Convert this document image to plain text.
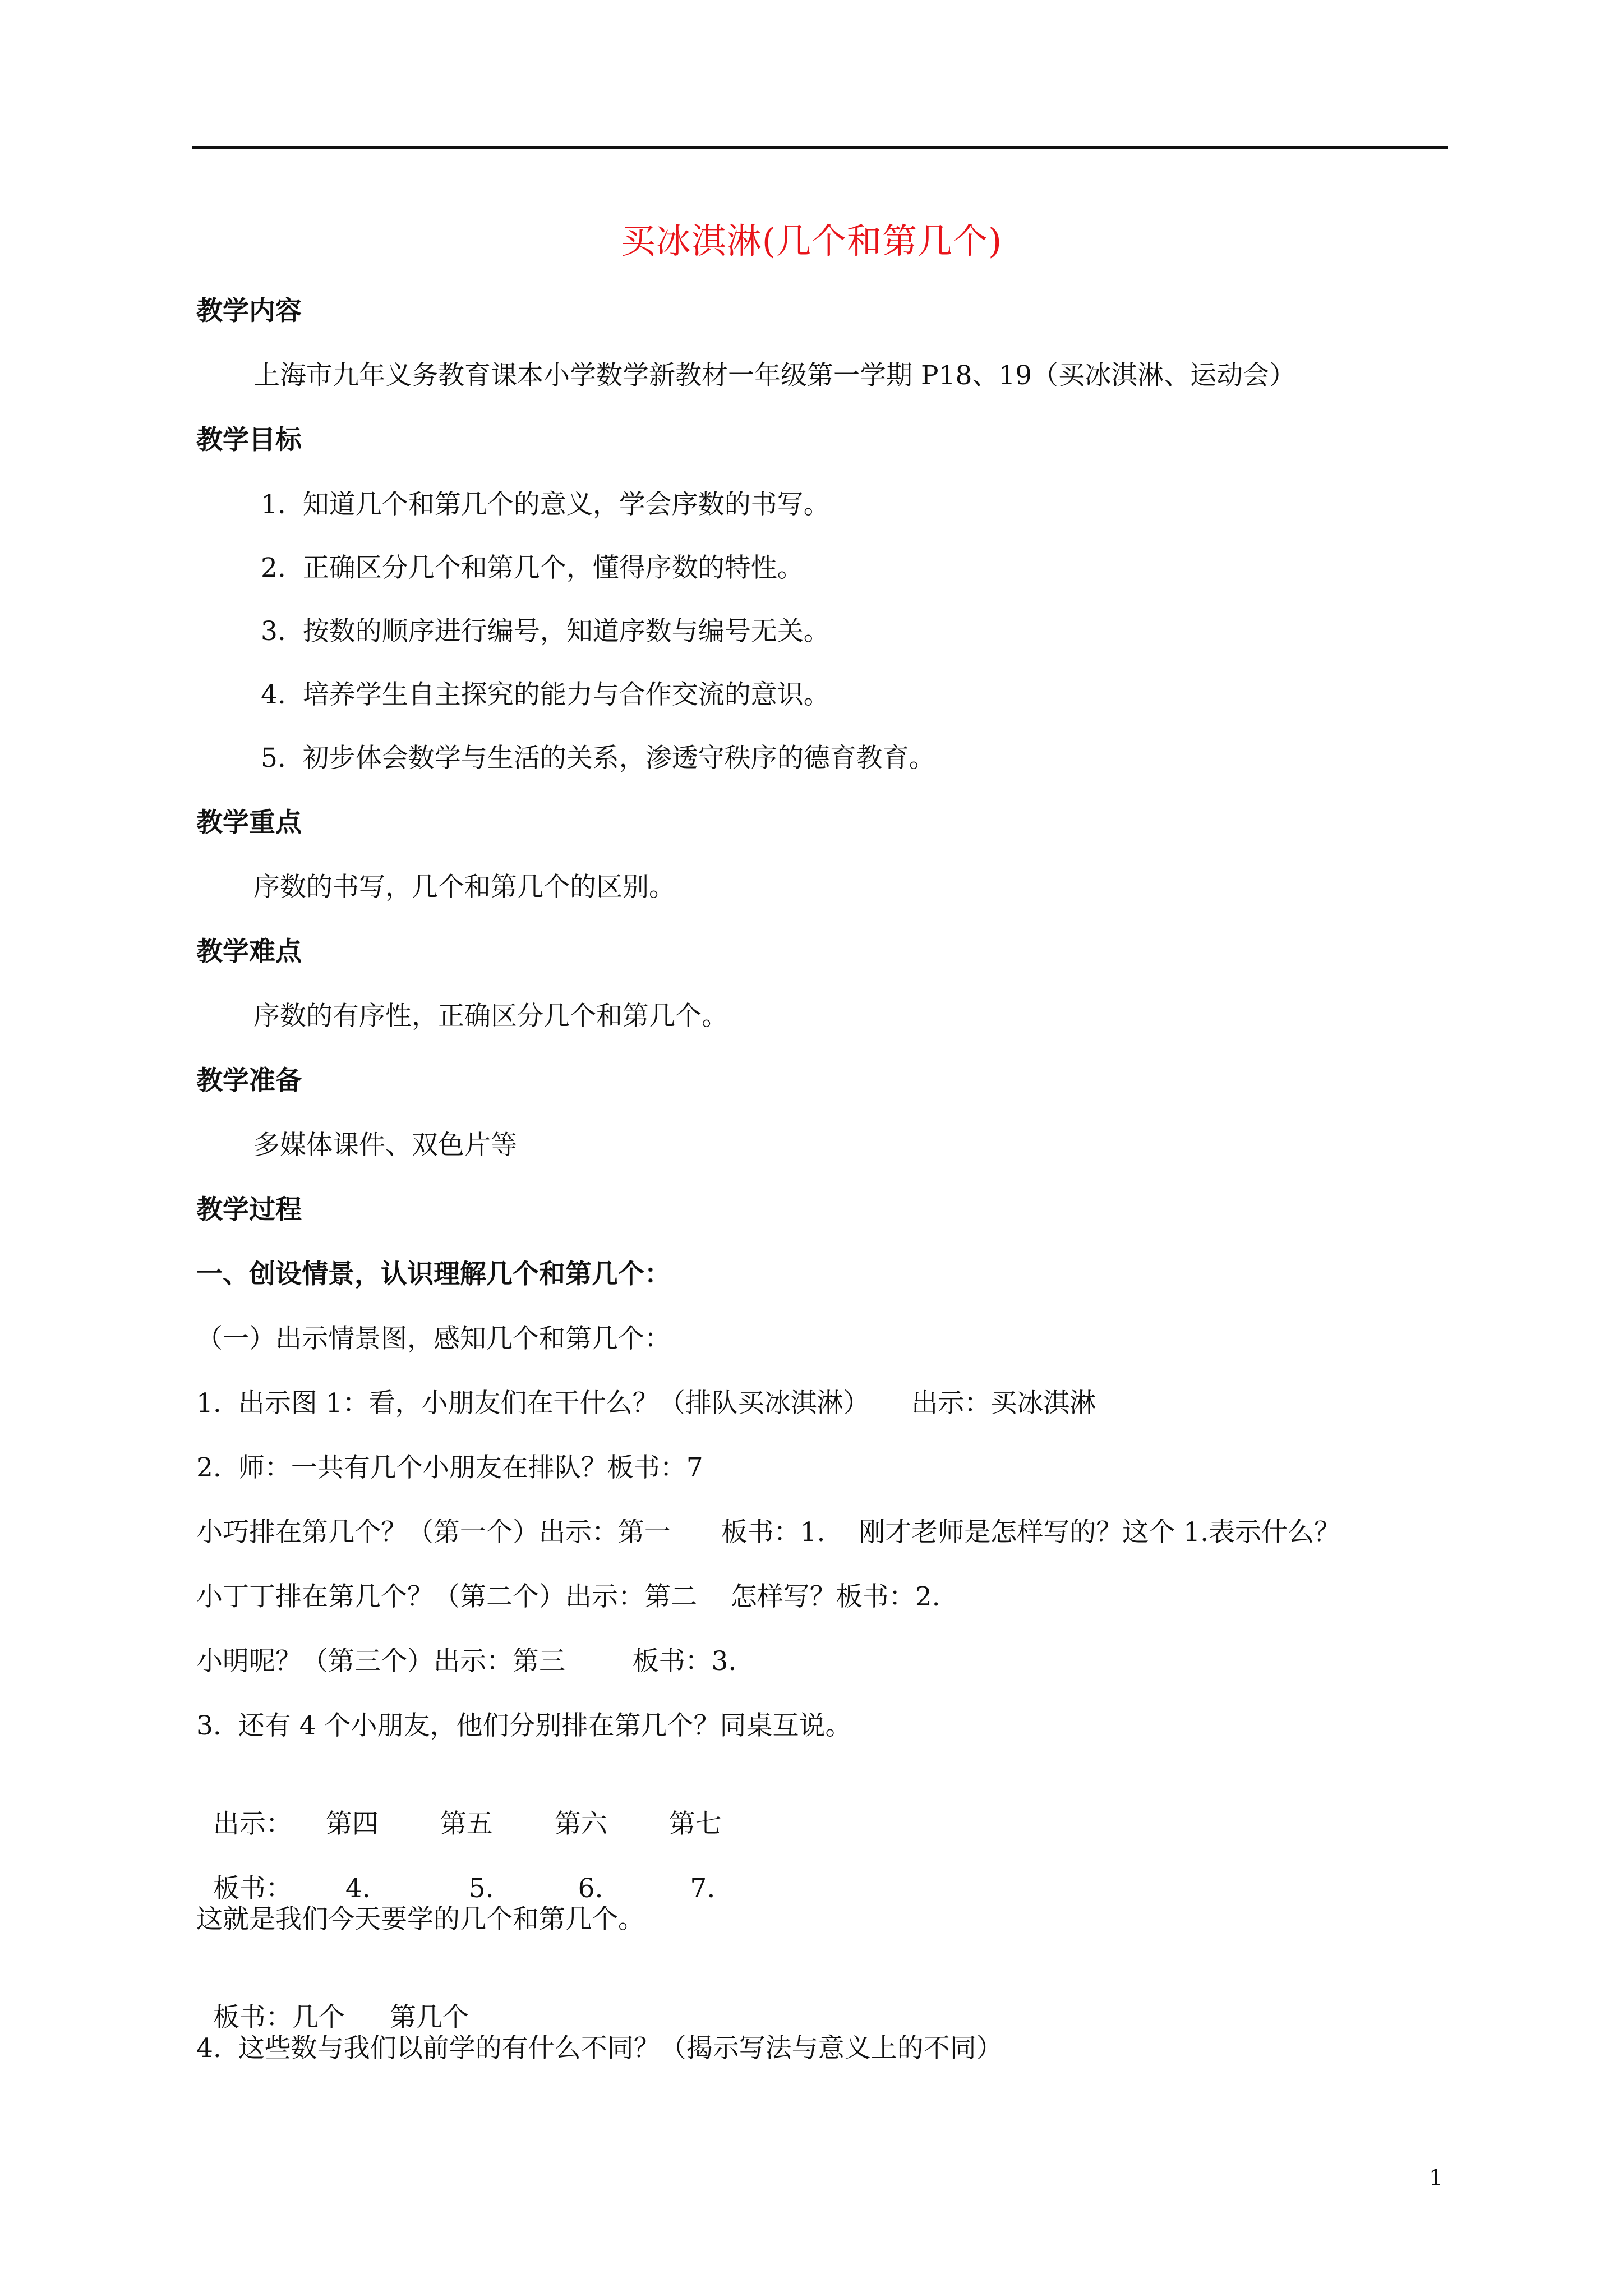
买冰淇淋(几个和第几个)
教学内容
上海市九年义务教育课本小学数学新教材一年级第一学期 P18、19（买冰淇淋、运动会）
教学目标
1.  知道几个和第几个的意义，学会序数的书写。
2.  正确区分几个和第几个，懂得序数的特性。
3.  按数的顺序进行编号，知道序数与编号无关。
4.  培养学生自主探究的能力与合作交流的意识。
5.  初步体会数学与生活的关系，渗透守秩序的德育教育。
教学重点
序数的书写，几个和第几个的区别。
教学难点
序数的有序性，正确区分几个和第几个。
教学准备
多媒体课件、双色片等
教学过程
一、创设情景，认识理解几个和第几个：
（一）出示情景图，感知几个和第几个：
1.  出示图 1：看，小朋友们在干什么？（排队买冰淇淋）     出示：买冰淇淋
2.  师：一共有几个小朋友在排队？板书：7
小巧排在第几个？（第一个）出示：第一      板书：1.    刚才老师是怎样写的？这个 1.表示什么？
小丁丁排在第几个？（第二个）出示：第二    怎样写？板书：2.
小明呢？（第三个）出示：第三        板书：3.
3.  还有 4 个小朋友，他们分别排在第几个？同桌互说。

出示： 第四 第五 第六 第七

板书： 4.	5.	6.	7.

这就是我们今天要学的几个和第几个。

板书：几个 第几个

4.  这些数与我们以前学的有什么不同？（揭示写法与意义上的不同）
1
